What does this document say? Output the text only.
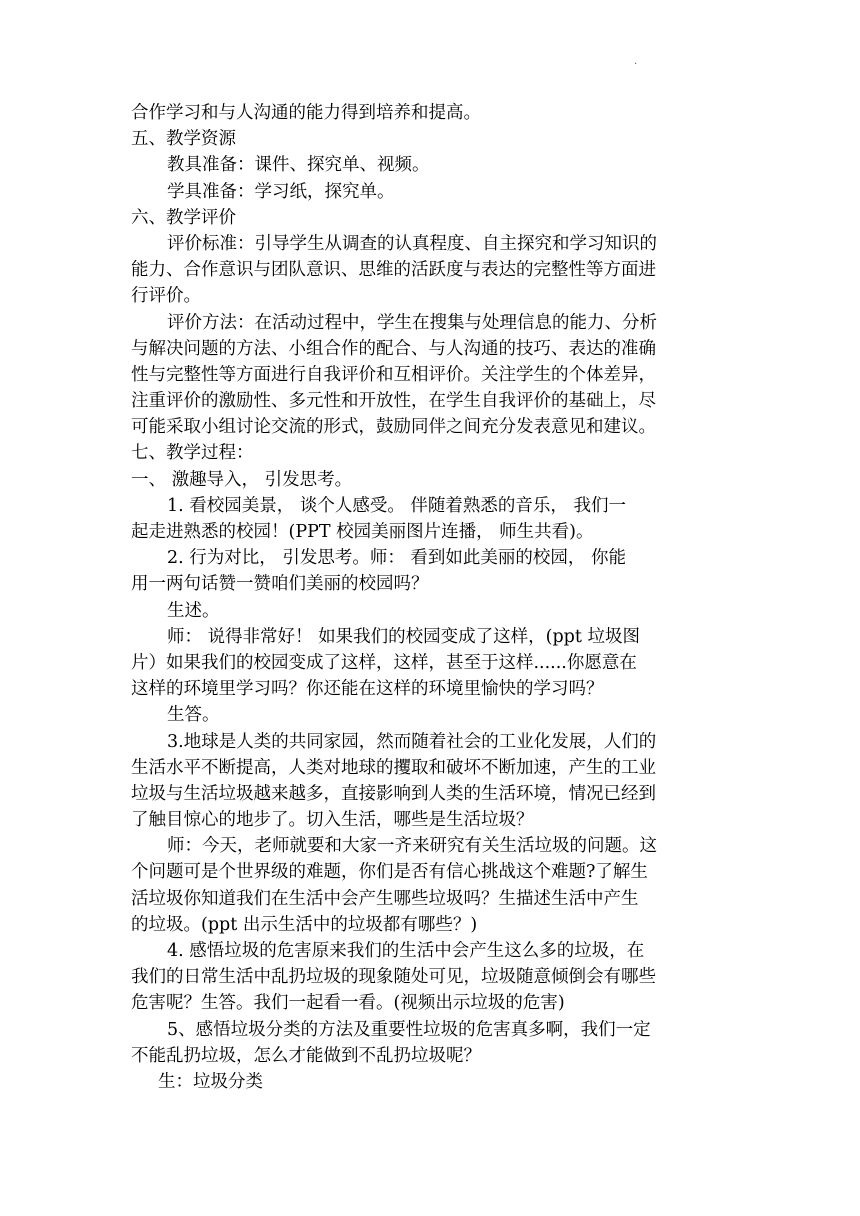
.
合作学习和与人沟通的能力得到培养和提高。
五、教学资源
教具准备：课件、探究单、视频。
学具准备：学习纸，探究单。
六、教学评价
评价标准：引导学生从调查的认真程度、自主探究和学习知识的
能力、合作意识与团队意识、思维的活跃度与表达的完整性等方面进
行评价。
评价方法：在活动过程中，学生在搜集与处理信息的能力、分析
与解决问题的方法、小组合作的配合、与人沟通的技巧、表达的准确
性与完整性等方面进行自我评价和互相评价。关注学生的个体差异，
注重评价的激励性、多元性和开放性，在学生自我评价的基础上，尽
可能采取小组讨论交流的形式，鼓励同伴之间充分发表意见和建议。
七、教学过程：
一、 激趣导入， 引发思考。
1. 看校园美景， 谈个人感受。 伴随着熟悉的音乐， 我们一
起走进熟悉的校园！(PPT 校园美丽图片连播， 师生共看)。
2. 行为对比， 引发思考。师： 看到如此美丽的校园， 你能
用一两句话赞一赞咱们美丽的校园吗？
生述。
师： 说得非常好！ 如果我们的校园变成了这样，(ppt 垃圾图
片）如果我们的校园变成了这样，这样，甚至于这样......你愿意在
这样的环境里学习吗？你还能在这样的环境里愉快的学习吗？
生答。
3.地球是人类的共同家园，然而随着社会的工业化发展，人们的
生活水平不断提高，人类对地球的攫取和破坏不断加速，产生的工业
垃圾与生活垃圾越来越多，直接影响到人类的生活环境，情况已经到
了触目惊心的地步了。切入生活，哪些是生活垃圾？
师：今天，老师就要和大家一齐来研究有关生活垃圾的问题。这
个问题可是个世界级的难题，你们是否有信心挑战这个难题?了解生
活垃圾你知道我们在生活中会产生哪些垃圾吗？生描述生活中产生
的垃圾。(ppt 出示生活中的垃圾都有哪些？)
4. 感悟垃圾的危害原来我们的生活中会产生这么多的垃圾，在
我们的日常生活中乱扔垃圾的现象随处可见，垃圾随意倾倒会有哪些
危害呢？生答。我们一起看一看。(视频出示垃圾的危害)
5、感悟垃圾分类的方法及重要性垃圾的危害真多啊，我们一定
不能乱扔垃圾，怎么才能做到不乱扔垃圾呢？
生：垃圾分类
